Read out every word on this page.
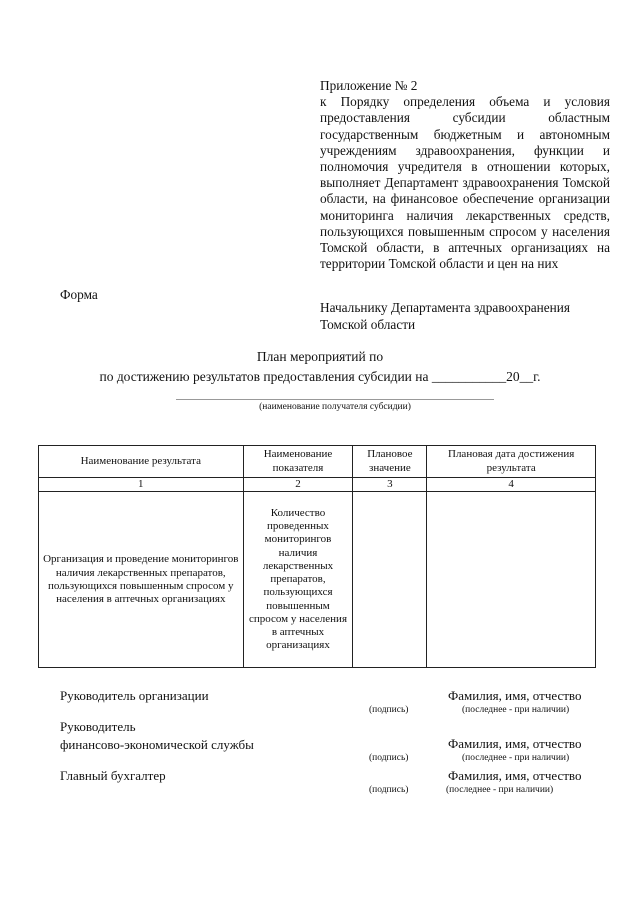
Приложение № 2
к Порядку определения объема и условия предоставления субсидии областным государственным бюджетным и автономным учреждениям здравоохранения, функции и полномочия учредителя в отношении которых, выполняет Департамент здравоохранения Томской области, на финансовое обеспечение организации мониторинга наличия лекарственных средств, пользующихся повышенным спросом у населения Томской области, в аптечных организациях на территории Томской области и цен на них
Форма
Начальнику Департамента здравоохранения
Томской области
План мероприятий по
по достижению результатов предоставления субсидии на ___________20__г.
(наименование получателя субсидии)
Наименование результата	Наименование показателя	Плановое значение	Плановая дата достижения результата
1	2	3	4
Организация и проведение мониторингов наличия лекарственных препаратов, пользующихся повышенным спросом у населения в аптечных организациях	Количество проведенных мониторингов наличия лекарственных препаратов, пользующихся повышенным спросом у населения в аптечных организациях		
Руководитель организации
(подпись)
Фамилия, имя, отчество
(последнее - при наличии)
Руководитель
финансово-экономической службы
(подпись)
Фамилия, имя, отчество
(последнее - при наличии)
Главный бухгалтер
(подпись)
Фамилия, имя, отчество
(последнее - при наличии)
